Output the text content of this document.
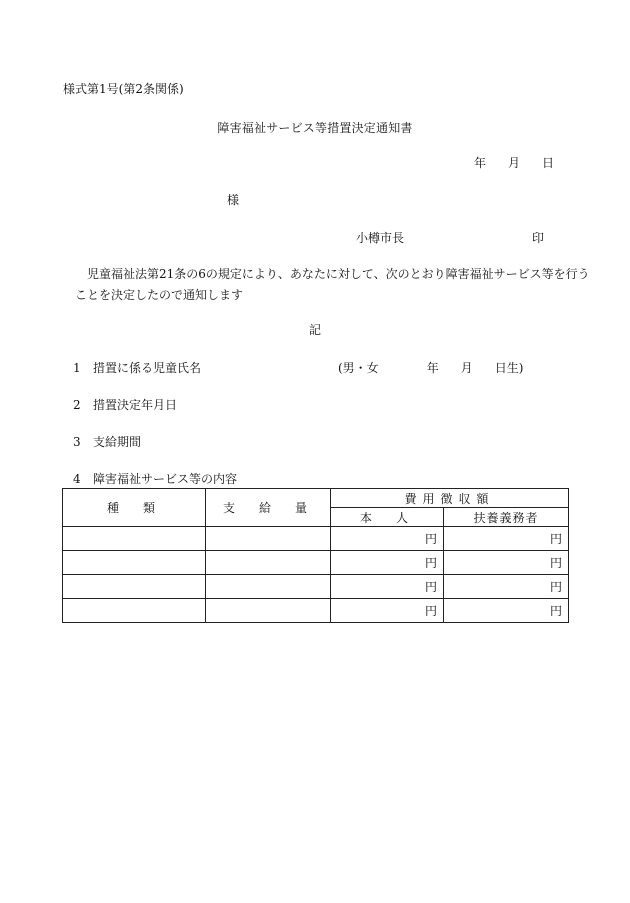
様式第1号(第2条関係)
障害福祉サービス等措置決定通知書
年 月 日
様
小樽市長	印
児童福祉法第21条の6の規定により、あなたに対して、次のとおり障害福祉サービス等を行う
ことを決定したので通知します
記
1 措置に係る児童氏名	(男・女	年 月 日生)
2 措置決定年月日
3 支給期間
4 障害福祉サービス等の内容
種　類	支　給　量	費用徴収額	
		本　人	扶養義務者
		円	円
		円	円
		円	円
		円	円
